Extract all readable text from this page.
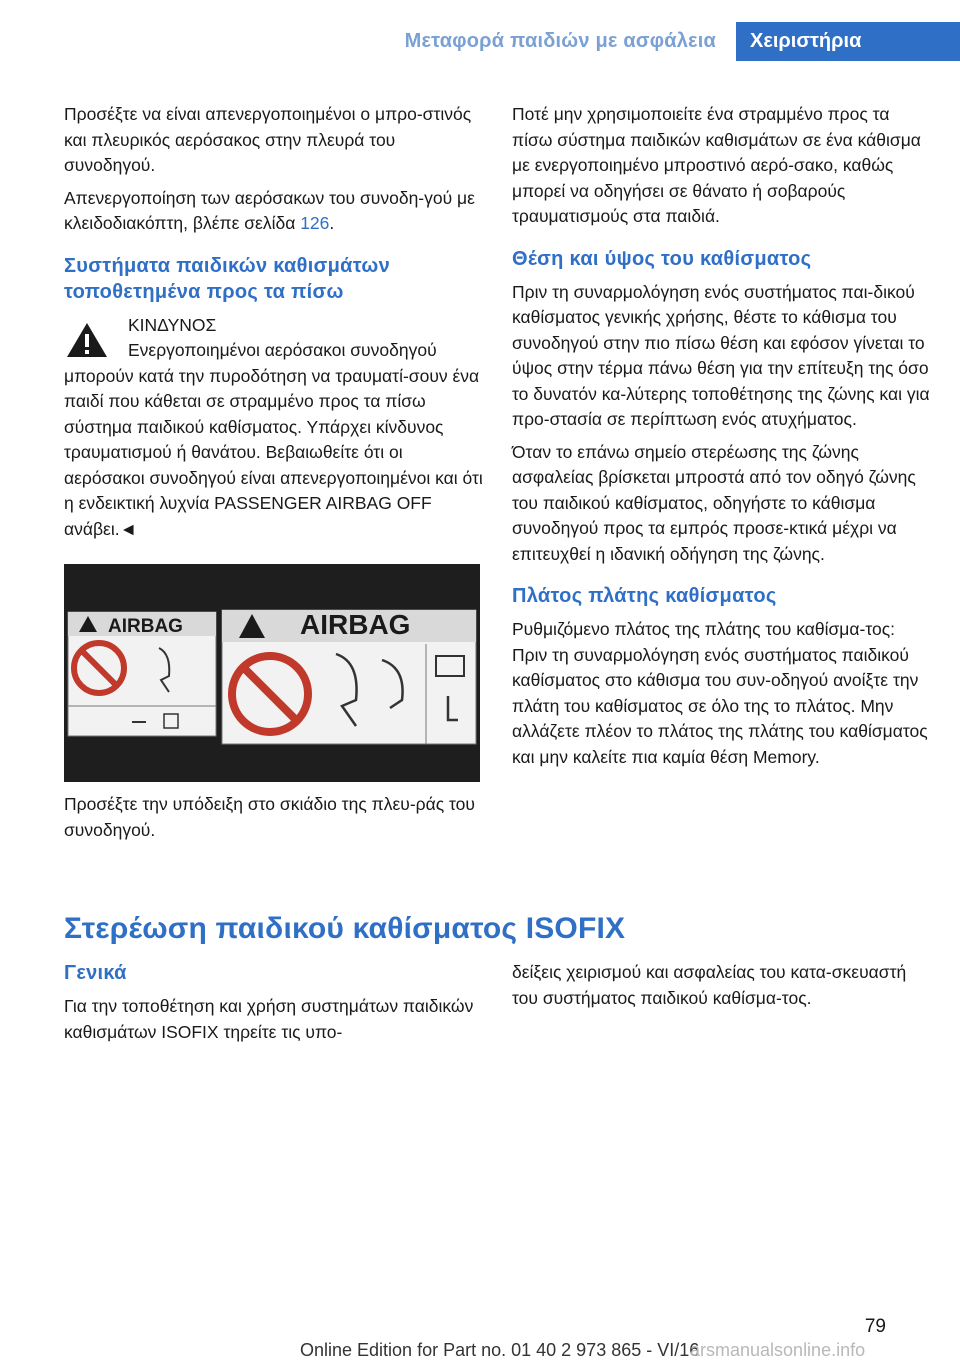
Μεταφορά παιδιών με ασφάλεια Χειριστήρια

Προσέξτε να είναι απενεργοποιημένοι ο μπρο-στινός και πλευρικός αερόσακος στην πλευρά του συνοδηγού.

Απενεργοποίηση των αερόσακων του συνοδη-γού με κλειδοδιακόπτη, βλέπε σελίδα 126.

Συστήματα παιδικών καθισμάτων τοποθετημένα προς τα πίσω
ΚΙΝΔΥΝΟΣ
Ενεργοποιημένοι αερόσακοι συνοδηγού μπορούν κατά την πυροδότηση να τραυματί-σουν ένα παιδί που κάθεται σε στραμμένο προς τα πίσω σύστημα παιδικού καθίσματος. Υπάρχει κίνδυνος τραυματισμού ή θανάτου. Βεβαιωθείτε ότι οι αερόσακοι συνοδηγού είναι απενεργοποιημένοι και ότι η ενδεικτική λυχνία PASSENGER AIRBAG OFF ανάβει.◄
AIRBAG	AIRBAG

Προσέξτε την υπόδειξη στο σκιάδιο της πλευ-ράς του συνοδηγού.

Ποτέ μην χρησιμοποιείτε ένα στραμμένο προς τα πίσω σύστημα παιδικών καθισμάτων σε ένα κάθισμα με ενεργοποιημένο μπροστινό αερό-σακο, καθώς μπορεί να οδηγήσει σε θάνατο ή σοβαρούς τραυματισμούς στα παιδιά.

Θέση και ύψος του καθίσματος

Πριν τη συναρμολόγηση ενός συστήματος παι-δικού καθίσματος γενικής χρήσης, θέστε το κάθισμα του συνοδηγού στην πιο πίσω θέση και εφόσον γίνεται το ύψος στην τέρμα πάνω θέση για την επίτευξη της όσο το δυνατόν κα-λύτερης τοποθέτησης της ζώνης και για προ-στασία σε περίπτωση ενός ατυχήματος.

Όταν το επάνω σημείο στερέωσης της ζώνης ασφαλείας βρίσκεται μπροστά από τον οδηγό ζώνης του παιδικού καθίσματος, οδηγήστε το κάθισμα συνοδηγού προς τα εμπρός προσε-κτικά μέχρι να επιτευχθεί η ιδανική οδήγηση της ζώνης.

Πλάτος πλάτης καθίσματος

Ρυθμιζόμενο πλάτος της πλάτης του καθίσμα-τος: Πριν τη συναρμολόγηση ενός συστήματος παιδικού καθίσματος στο κάθισμα του συν-οδηγού ανοίξτε την πλάτη του καθίσματος σε όλο της το πλάτος. Μην αλλάζετε πλέον το πλάτος της πλάτης του καθίσματος και μην καλείτε πια καμία θέση Memory.

Στερέωση παιδικού καθίσματος ISOFIX
Γενικά

Για την τοποθέτηση και χρήση συστημάτων παιδικών καθισμάτων ISOFIX τηρείτε τις υπο-

δείξεις χειρισμού και ασφαλείας του κατα-σκευαστή του συστήματος παιδικού καθίσμα-τος.

79
Online Edition for Part no. 01 40 2 973 865 - VI/16
arsmanualsonline.info
